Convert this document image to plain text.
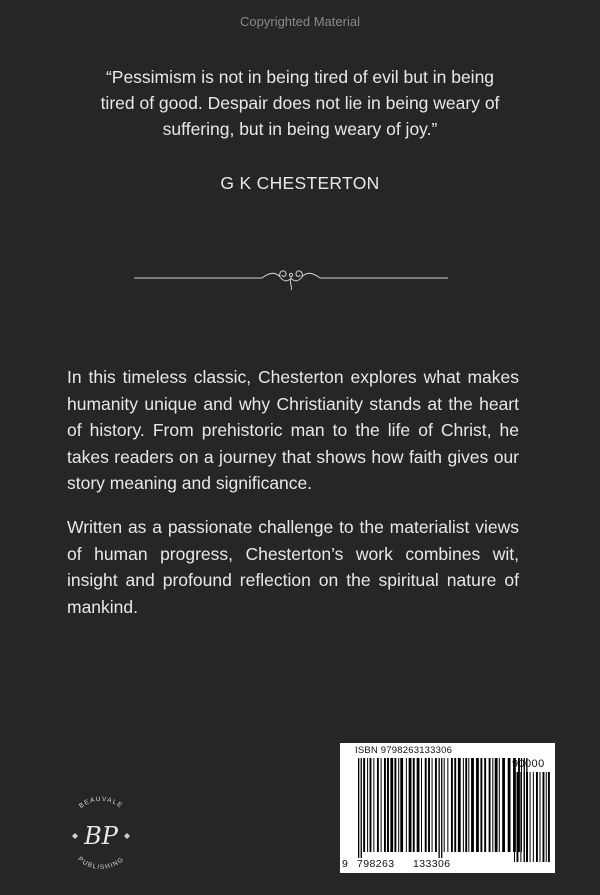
Copyrighted Material
“Pessimism is not in being tired of evil but in being
tired of good. Despair does not lie in being weary of
suffering, but in being weary of joy.”
G K CHESTERTON

In this timeless classic, Chesterton explores what makes humanity unique and why Christianity stands at the heart of history. From prehistoric man to the life of Christ, he takes readers on a journey that shows how faith gives our story meaning and significance.

Written as a passionate challenge to the materialist views of human progress, Chesterton’s work combines wit, insight and profound reflection on the spiritual nature of mankind.

BEAUVALE
BP
PUBLISHING
ISBN 9798263133306
90000
9 798263 133306
